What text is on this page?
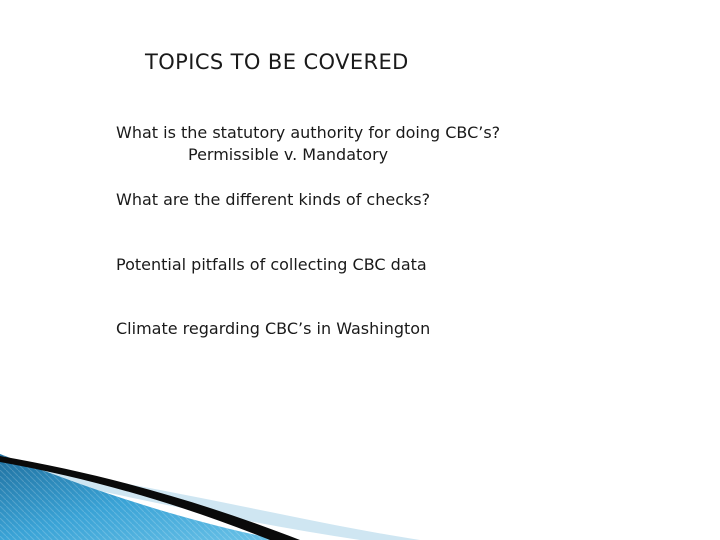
TOPICS TO BE COVERED
What is the statutory authority for doing CBC’s?
Permissible v. Mandatory
What are the different kinds of checks?
Potential pitfalls of collecting CBC data
Climate regarding CBC’s in Washington
